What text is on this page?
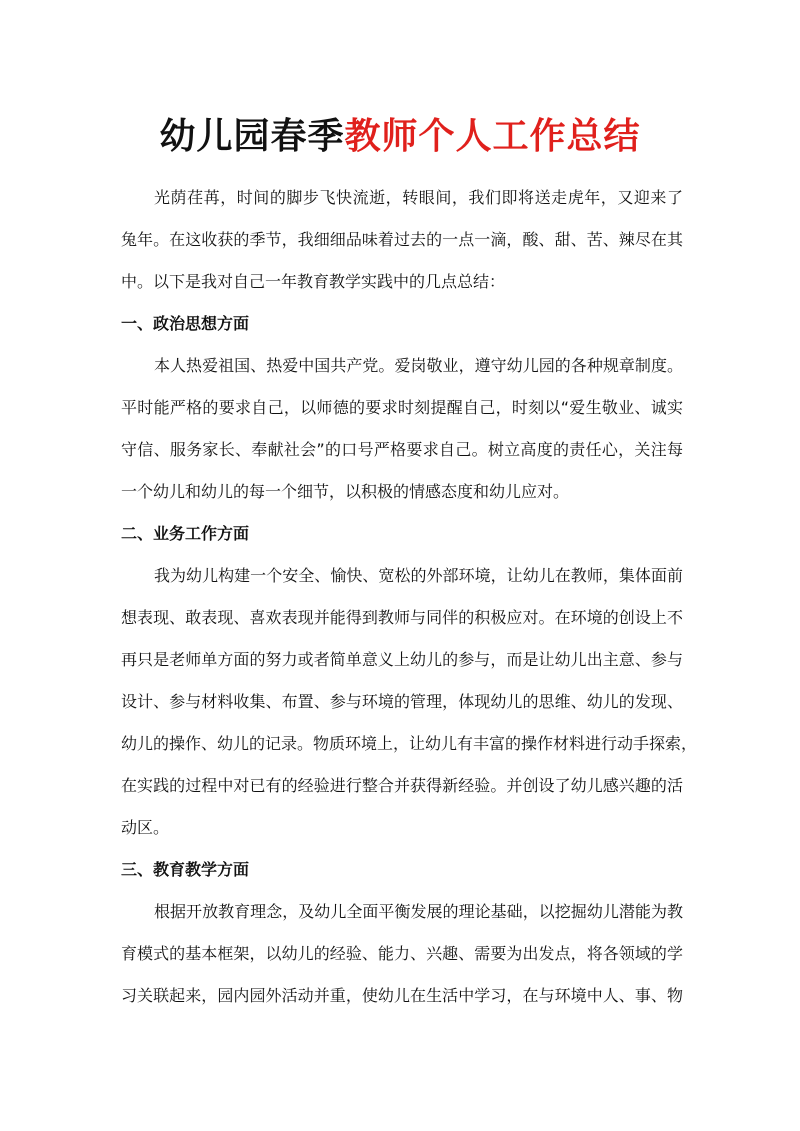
幼儿园春季教师个人工作总结
光荫荏苒，时间的脚步飞快流逝，转眼间，我们即将送走虎年，又迎来了
兔年。在这收获的季节，我细细品味着过去的一点一滴，酸、甜、苦、辣尽在其
中。以下是我对自己一年教育教学实践中的几点总结：
一、政治思想方面
本人热爱祖国、热爱中国共产党。爱岗敬业，遵守幼儿园的各种规章制度。
平时能严格的要求自己，以师德的要求时刻提醒自己，时刻以“爱生敬业、诚实
守信、服务家长、奉献社会”的口号严格要求自己。树立高度的责任心，关注每
一个幼儿和幼儿的每一个细节，以积极的情感态度和幼儿应对。
二、业务工作方面
我为幼儿构建一个安全、愉快、宽松的外部环境，让幼儿在教师，集体面前
想表现、敢表现、喜欢表现并能得到教师与同伴的积极应对。在环境的创设上不
再只是老师单方面的努力或者简单意义上幼儿的参与，而是让幼儿出主意、参与
设计、参与材料收集、布置、参与环境的管理，体现幼儿的思维、幼儿的发现、
幼儿的操作、幼儿的记录。物质环境上，让幼儿有丰富的操作材料进行动手探索，
在实践的过程中对已有的经验进行整合并获得新经验。并创设了幼儿感兴趣的活
动区。
三、教育教学方面
根据开放教育理念，及幼儿全面平衡发展的理论基础，以挖掘幼儿潜能为教
育模式的基本框架，以幼儿的经验、能力、兴趣、需要为出发点，将各领域的学
习关联起来，园内园外活动并重，使幼儿在生活中学习，在与环境中人、事、物
